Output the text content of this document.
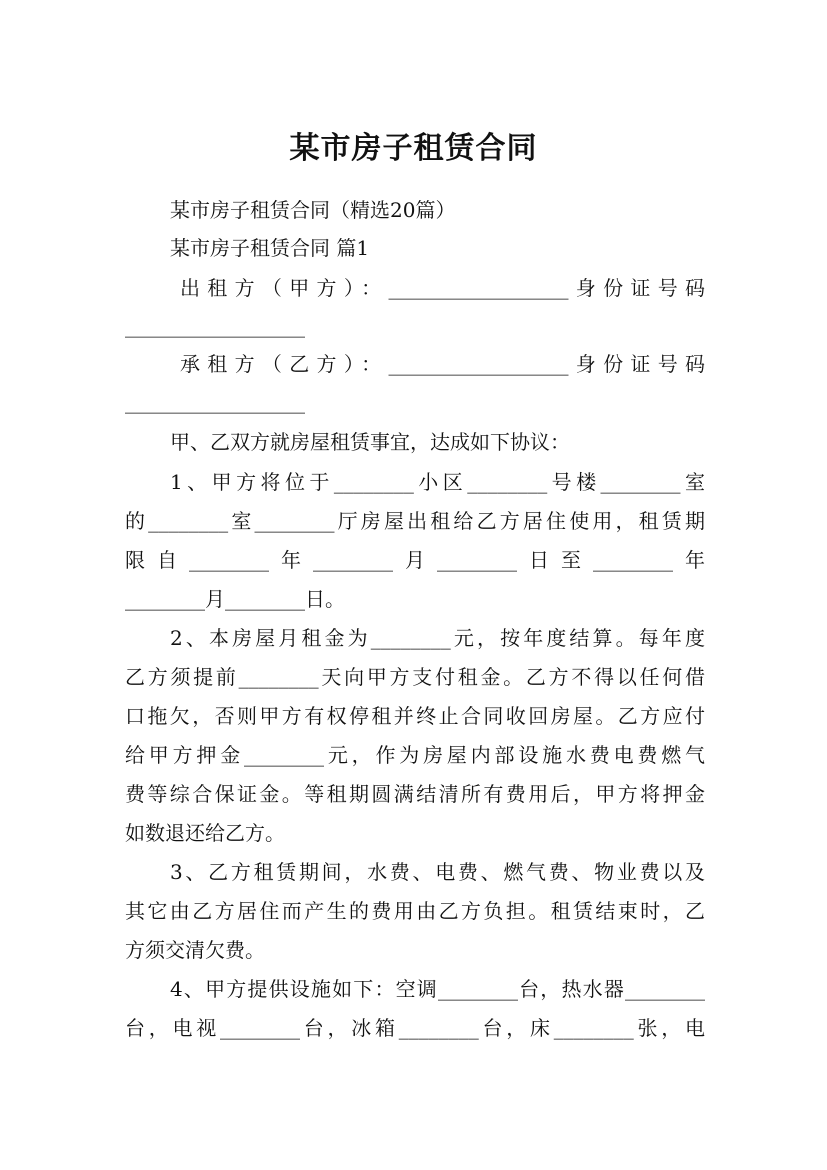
某市房子租赁合同

某市房子租赁合同（精选20篇）

某市房子租赁合同 篇1

出租方（甲方）：__________________身份证号码

__________________

承租方（乙方）：__________________身份证号码

__________________

甲、乙双方就房屋租赁事宜，达成如下协议：

1、甲方将位于________小区________号楼________室

的________室________厅房屋出租给乙方居住使用，租赁期

限自________年________月________日至________年

________月________日。

2、本房屋月租金为________元，按年度结算。每年度

乙方须提前________天向甲方支付租金。乙方不得以任何借

口拖欠，否则甲方有权停租并终止合同收回房屋。乙方应付

给甲方押金________元，作为房屋内部设施水费电费燃气

费等综合保证金。等租期圆满结清所有费用后，甲方将押金

如数退还给乙方。

3、乙方租赁期间，水费、电费、燃气费、物业费以及

其它由乙方居住而产生的费用由乙方负担。租赁结束时，乙

方须交清欠费。

4、甲方提供设施如下：空调________台，热水器________

台，电视________台，冰箱________台，床________张，电
